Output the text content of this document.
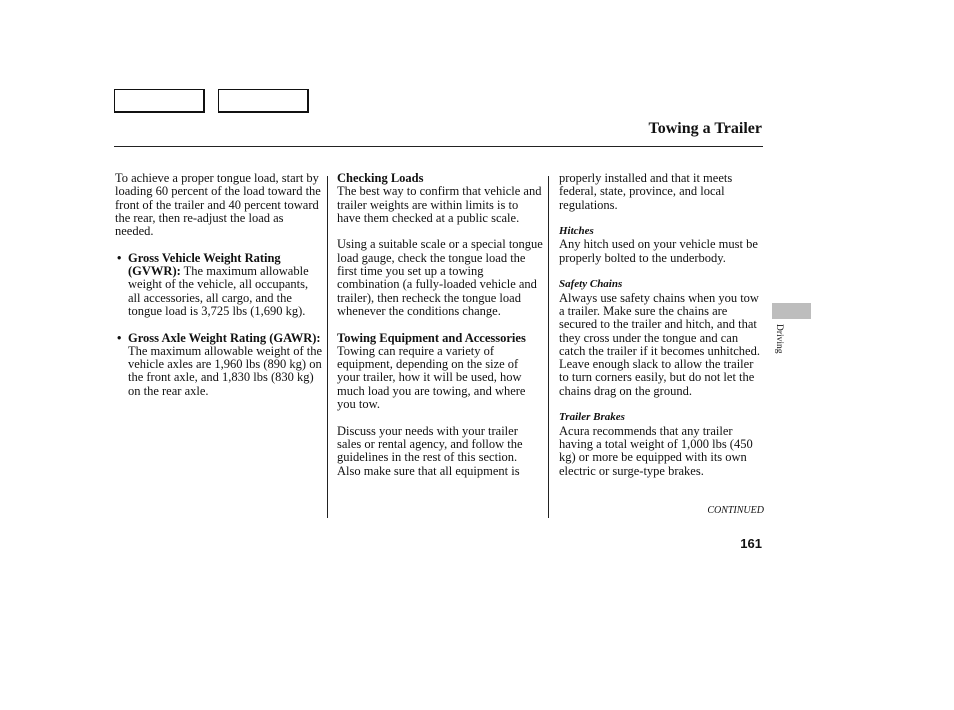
Towing a Trailer

To achieve a proper tongue load, start by loading 60 percent of the load toward the front of the trailer and 40 percent toward the rear, then re-adjust the load as needed.

• Gross Vehicle Weight Rating (GVWR): The maximum allowable weight of the vehicle, all occupants, all accessories, all cargo, and the tongue load is 3,725 lbs (1,690 kg).
• Gross Axle Weight Rating (GAWR): The maximum allowable weight of the vehicle axles are 1,960 lbs (890 kg) on the front axle, and 1,830 lbs (830 kg) on the rear axle.

Checking Loads

The best way to confirm that vehicle and trailer weights are within limits is to have them checked at a public scale.

Using a suitable scale or a special tongue load gauge, check the tongue load the first time you set up a towing combination (a fully-loaded vehicle and trailer), then recheck the tongue load whenever the conditions change.

Towing Equipment and Accessories

Towing can require a variety of equipment, depending on the size of your trailer, how it will be used, how much load you are towing, and where you tow.

Discuss your needs with your trailer sales or rental agency, and follow the guidelines in the rest of this section. Also make sure that all equipment is

properly installed and that it meets federal, state, province, and local regulations.

Hitches

Any hitch used on your vehicle must be properly bolted to the underbody.

Safety Chains

Always use safety chains when you tow a trailer. Make sure the chains are secured to the trailer and hitch, and that they cross under the tongue and can catch the trailer if it becomes unhitched. Leave enough slack to allow the trailer to turn corners easily, but do not let the chains drag on the ground.

Trailer Brakes

Acura recommends that any trailer having a total weight of 1,000 lbs (450 kg) or more be equipped with its own electric or surge-type brakes.

CONTINUED
161
Driving
